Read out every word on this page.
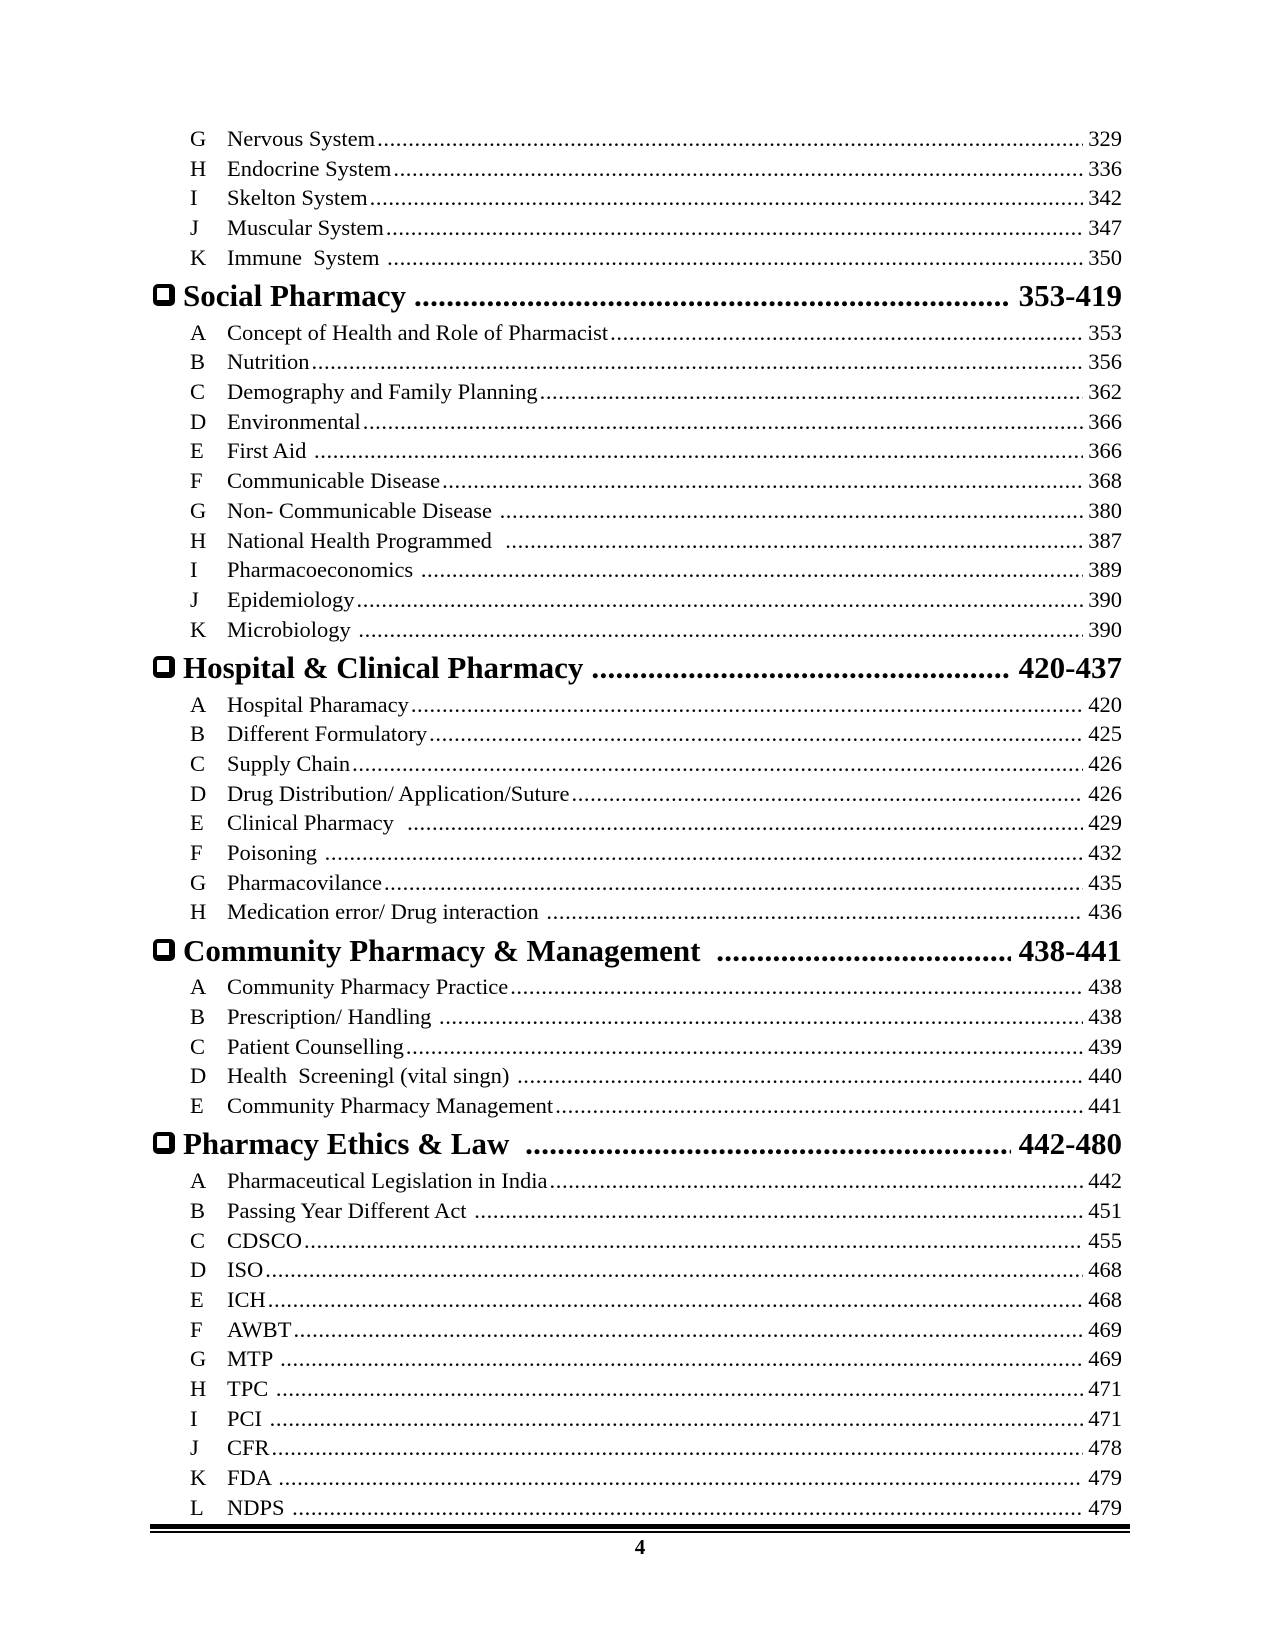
G Nervous System .....	329
H Endocrine System .....	336
I	Skelton System .....	342
J	Muscular System .....	347
K Immune  System .....	350
Social Pharmacy .....	353-419
A Concept of Health and Role of Pharmacist .....	353
B Nutrition .....	356
C Demography and Family Planning .....	362
D Environmental .....	366
E	First Aid .....	366
F	Communicable Disease .....	368
G Non- Communicable Disease .....	380
H National Health Programmed .....	387
I	Pharmacoeconomics .....	389
J	Epidemiology .....	390
K Microbiology .....	390
Hospital & Clinical Pharmacy .....	420-437
A Hospital Pharamacy .....	420
B Different Formulatory .....	425
C Supply Chain .....	426
D Drug Distribution/ Application/Suture .....	426
E	Clinical Pharmacy .....	429
F	Poisoning .....	432
G Pharmacovilance .....	435
H Medication error/ Drug interaction .....	436
Community Pharmacy & Management .....	438-441
A Community Pharmacy Practice .....	438
B Prescription/ Handling .....	438
C Patient Counselling .....	439
D Health  Screeningl (vital singn) .....	440
E	Community Pharmacy Management .....	441
Pharmacy Ethics & Law .....	442-480
A Pharmaceutical Legislation in India .....	442
B Passing Year Different Act .....	451
C CDSCO .....	455
D ISO .....	468
E	ICH .....	468
F	AWBT .....	469
G MTP .....	469
H TPC .....	471
I	PCI .....	471
J	CFR .....	478
K FDA .....	479
L	NDPS .....	479
4
